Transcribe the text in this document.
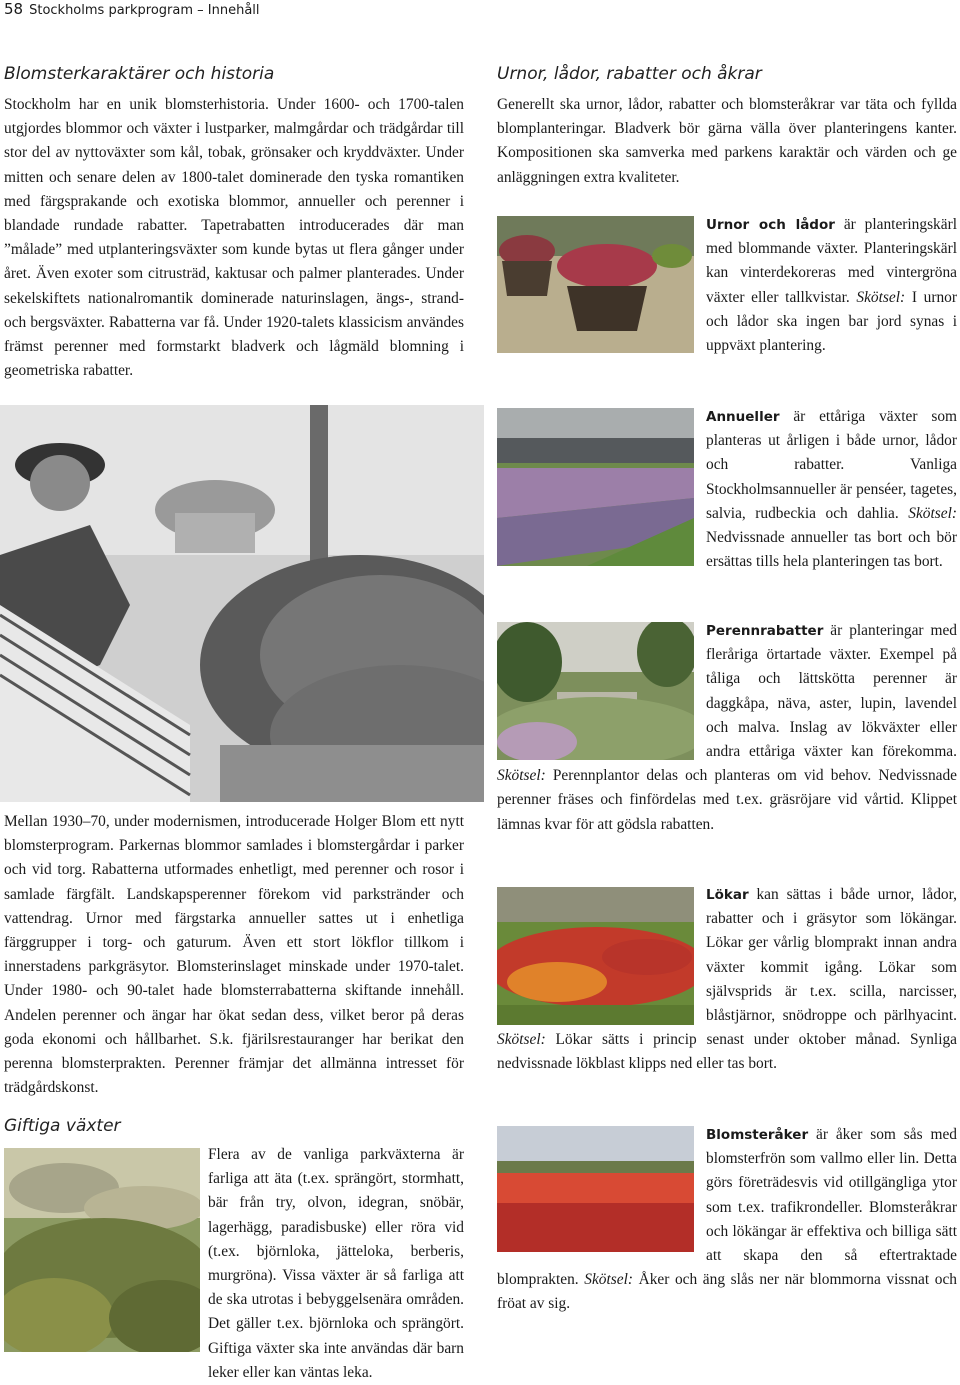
58 Stockholms parkprogram – Innehåll
Blomsterkaraktärer och historia

Stockholm har en unik blomsterhistoria. Under 1600- och 1700-talen utgjordes blommor och växter i lustparker, malmgårdar och trädgårdar till stor del av nyttoväxter som kål, tobak, grönsaker och kryddväxter. Under mitten och senare delen av 1800-talet dominerade den tyska romantiken med färgsprakande och exotiska blommor, annueller och perenner i blandade rundade rabatter. Tapetrabatten introducerades där man ”målade” med utplanteringsväxter som kunde bytas ut flera gånger under året. Även exoter som citrusträd, kaktusar och palmer planterades. Under sekelskiftets nationalromantik dominerade naturinslagen, ängs-, strand- och bergsväxter. Rabatterna var få. Under 1920-talets klassicism användes främst perenner med formstarkt bladverk och lågmäld blomning i geometriska rabatter.

Mellan 1930–70, under modernismen, introducerade Holger Blom ett nytt blomsterprogram. Parkernas blommor samlades i blomstergårdar i parker och vid torg. Rabatterna utformades enhetligt, med perenner och rosor i samlade färgfält. Landskapsperenner förekom vid parkstränder och vattendrag. Urnor med färgstarka annueller sattes ut i enhetliga färggrupper i torg- och gaturum. Även ett stort lökflor tillkom i innerstadens parkgräsytor. Blomsterinslaget minskade under 1970-talet. Under 1980- och 90-talet hade blomsterrabatterna skiftande innehåll. Andelen perenner och ängar har ökat sedan dess, vilket beror på deras goda ekonomi och hållbarhet. S.k. fjärilsrestauranger har berikat den perenna blomsterprakten. Perenner främjar det allmänna intresset för trädgårdskonst.

Giftiga växter
Flera av de vanliga parkväxterna är farliga att äta (t.ex. sprängört, stormhatt, bär från try, olvon, idegran, snöbär, lagerhägg, paradisbuske) eller röra vid (t.ex. björnloka, jätteloka, berberis, murgröna). Vissa växter är så farliga att de ska utrotas i bebyggelsenära områden. Det gäller t.ex. björnloka och sprängört. Giftiga växter ska inte användas där barn leker eller kan väntas leka.
Urnor, lådor, rabatter och åkrar

Generellt ska urnor, lådor, rabatter och blomsteråkrar var täta och fyllda blomplanteringar. Bladverk bör gärna välla över planteringens kanter. Kompositionen ska samverka med parkens karaktär och värden och ge anläggningen extra kvaliteter.

Urnor och lådor är planteringskärl med blommande växter. Planteringskärl kan vinterdekoreras med vintergröna växter eller tallkvistar. Skötsel: I urnor och lådor ska ingen bar jord synas i uppväxt plantering.
Annueller är ettåriga växter som planteras ut årligen i både urnor, lådor och rabatter. Vanliga Stockholmsannueller är penséer, tagetes, salvia, rudbeckia och dahlia. Skötsel: Nedvissnade annueller tas bort och bör ersättas tills hela planteringen tas bort.
Perennrabatter är planteringar med fleråriga örtartade växter. Exempel på tåliga och lättskötta perenner är daggkåpa, näva, aster, lupin, lavendel och malva. Inslag av lökväxter eller andra ettåriga växter kan förekomma. Skötsel: Perennplantor delas och planteras om vid behov. Nedvissnade perenner fräses och finfördelas med t.ex. gräsröjare vid vårtid. Klippet lämnas kvar för att gödsla rabatten.
Lökar kan sättas i både urnor, lådor, rabatter och i gräsytor som lökängar. Lökar ger vårlig blomprakt innan andra växter kommit igång. Lökar som självsprids är t.ex. scilla, narcisser, blåstjärnor, snödroppe och pärlhyacint. Skötsel: Lökar sätts i princip senast under oktober månad. Synliga nedvissnade lökblast klipps ned eller tas bort.
Blomsteråker är åker som sås med blomsterfrön som vallmo eller lin. Detta görs företrädesvis vid otillgängliga ytor som t.ex. trafikrondeller. Blomsteråkrar och lökängar är effektiva och billiga sätt att skapa den så eftertraktade blomprakten. Skötsel: Åker och äng slås ner när blommorna vissnat och fröat av sig.
